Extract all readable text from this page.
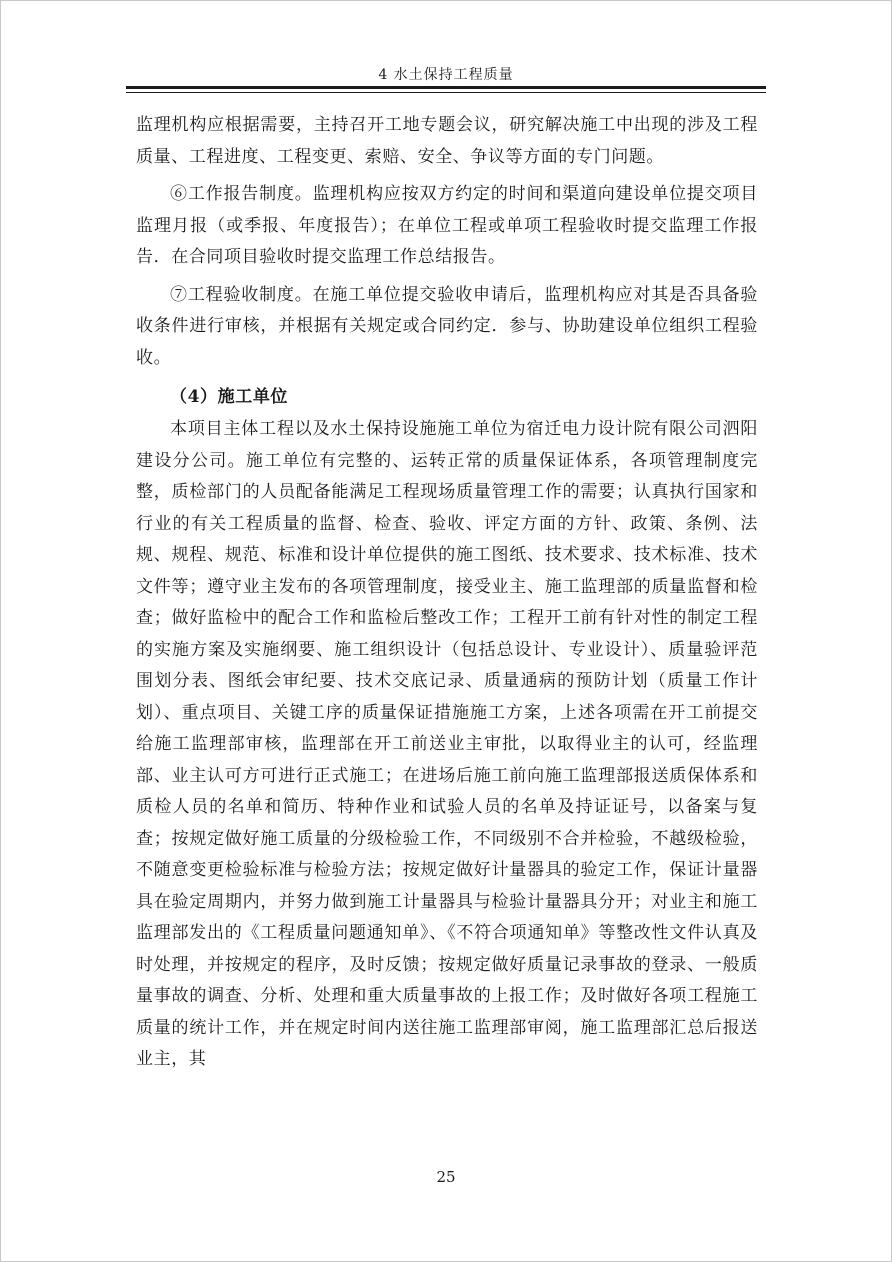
4 水土保持工程质量

监理机构应根据需要，主持召开工地专题会议，研究解决施工中出现的涉及工程质量、工程进度、工程变更、索赔、安全、争议等方面的专门问题。

⑥工作报告制度。监理机构应按双方约定的时间和渠道向建设单位提交项目监理月报（或季报、年度报告）；在单位工程或单项工程验收时提交监理工作报告．在合同项目验收时提交监理工作总结报告。

⑦工程验收制度。在施工单位提交验收申请后，监理机构应对其是否具备验收条件进行审核，并根据有关规定或合同约定．参与、协助建设单位组织工程验收。

（4）施工单位

本项目主体工程以及水土保持设施施工单位为宿迁电力设计院有限公司泗阳建设分公司。施工单位有完整的、运转正常的质量保证体系，各项管理制度完整，质检部门的人员配备能满足工程现场质量管理工作的需要；认真执行国家和行业的有关工程质量的监督、检查、验收、评定方面的方针、政策、条例、法规、规程、规范、标准和设计单位提供的施工图纸、技术要求、技术标准、技术文件等；遵守业主发布的各项管理制度，接受业主、施工监理部的质量监督和检查；做好监检中的配合工作和监检后整改工作；工程开工前有针对性的制定工程的实施方案及实施纲要、施工组织设计（包括总设计、专业设计）、质量验评范围划分表、图纸会审纪要、技术交底记录、质量通病的预防计划（质量工作计划）、重点项目、关键工序的质量保证措施施工方案，上述各项需在开工前提交给施工监理部审核，监理部在开工前送业主审批，以取得业主的认可，经监理部、业主认可方可进行正式施工；在进场后施工前向施工监理部报送质保体系和质检人员的名单和简历、特种作业和试验人员的名单及持证证号，以备案与复查；按规定做好施工质量的分级检验工作，不同级别不合并检验，不越级检验，不随意变更检验标准与检验方法；按规定做好计量器具的验定工作，保证计量器具在验定周期内，并努力做到施工计量器具与检验计量器具分开；对业主和施工监理部发出的《工程质量问题通知单》、《不符合项通知单》等整改性文件认真及时处理，并按规定的程序，及时反馈；按规定做好质量记录事故的登录、一般质量事故的调查、分析、处理和重大质量事故的上报工作；及时做好各项工程施工质量的统计工作，并在规定时间内送往施工监理部审阅，施工监理部汇总后报送业主，其

25
